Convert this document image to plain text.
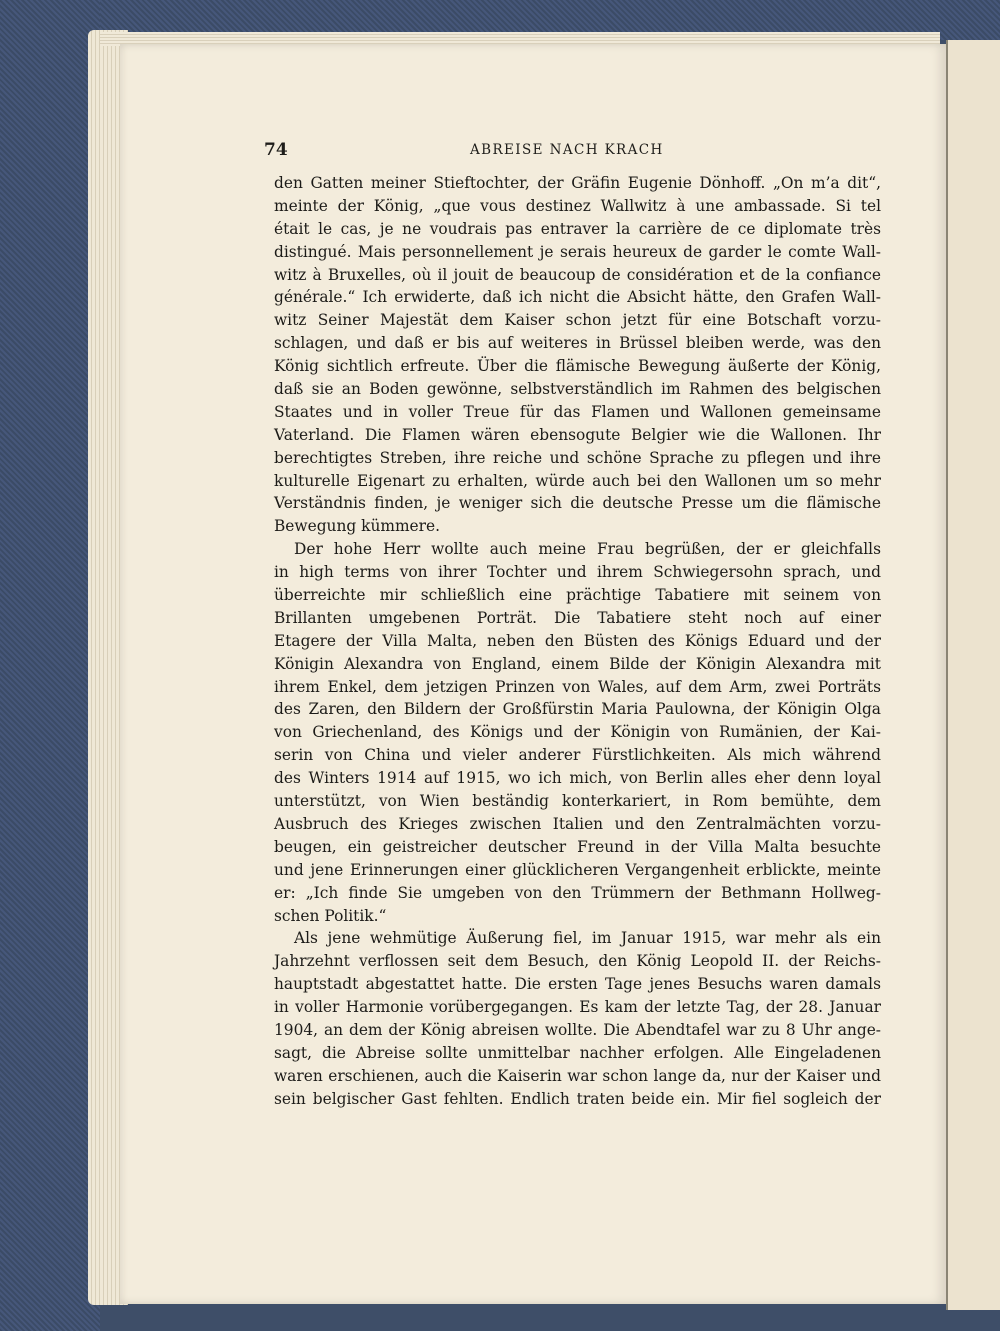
74	ABREISE NACH KRACH
den Gatten meiner Stieftochter, der Gräfin Eugenie Dönhoff. „On m’a dit“,
meinte der König, „que vous destinez Wallwitz à une ambassade. Si tel
était le cas, je ne voudrais pas entraver la carrière de ce diplomate très
distingué. Mais personnellement je serais heureux de garder le comte Wall-
witz à Bruxelles, où il jouit de beaucoup de considération et de la confiance
générale.“ Ich erwiderte, daß ich nicht die Absicht hätte, den Grafen Wall-
witz Seiner Majestät dem Kaiser schon jetzt für eine Botschaft vorzu-
schlagen, und daß er bis auf weiteres in Brüssel bleiben werde, was den
König sichtlich erfreute. Über die flämische Bewegung äußerte der König,
daß sie an Boden gewönne, selbstverständlich im Rahmen des belgischen
Staates und in voller Treue für das Flamen und Wallonen gemeinsame
Vaterland. Die Flamen wären ebensogute Belgier wie die Wallonen. Ihr
berechtigtes Streben, ihre reiche und schöne Sprache zu pflegen und ihre
kulturelle Eigenart zu erhalten, würde auch bei den Wallonen um so mehr
Verständnis finden, je weniger sich die deutsche Presse um die flämische
Bewegung kümmere.
Der hohe Herr wollte auch meine Frau begrüßen, der er gleichfalls
in high terms von ihrer Tochter und ihrem Schwiegersohn sprach, und
überreichte mir schließlich eine prächtige Tabatiere mit seinem von
Brillanten umgebenen Porträt. Die Tabatiere steht noch auf einer
Etagere der Villa Malta, neben den Büsten des Königs Eduard und der
Königin Alexandra von England, einem Bilde der Königin Alexandra mit
ihrem Enkel, dem jetzigen Prinzen von Wales, auf dem Arm, zwei Porträts
des Zaren, den Bildern der Großfürstin Maria Paulowna, der Königin Olga
von Griechenland, des Königs und der Königin von Rumänien, der Kai-
serin von China und vieler anderer Fürstlichkeiten. Als mich während
des Winters 1914 auf 1915, wo ich mich, von Berlin alles eher denn loyal
unterstützt, von Wien beständig konterkariert, in Rom bemühte, dem
Ausbruch des Krieges zwischen Italien und den Zentralmächten vorzu-
beugen, ein geistreicher deutscher Freund in der Villa Malta besuchte
und jene Erinnerungen einer glücklicheren Vergangenheit erblickte, meinte
er: „Ich finde Sie umgeben von den Trümmern der Bethmann Hollweg-
schen Politik.“
Als jene wehmütige Äußerung fiel, im Januar 1915, war mehr als ein
Jahrzehnt verflossen seit dem Besuch, den König Leopold II. der Reichs-
hauptstadt abgestattet hatte. Die ersten Tage jenes Besuchs waren damals
in voller Harmonie vorübergegangen. Es kam der letzte Tag, der 28. Januar
1904, an dem der König abreisen wollte. Die Abendtafel war zu 8 Uhr ange-
sagt, die Abreise sollte unmittelbar nachher erfolgen. Alle Eingeladenen
waren erschienen, auch die Kaiserin war schon lange da, nur der Kaiser und
sein belgischer Gast fehlten. Endlich traten beide ein. Mir fiel sogleich der
